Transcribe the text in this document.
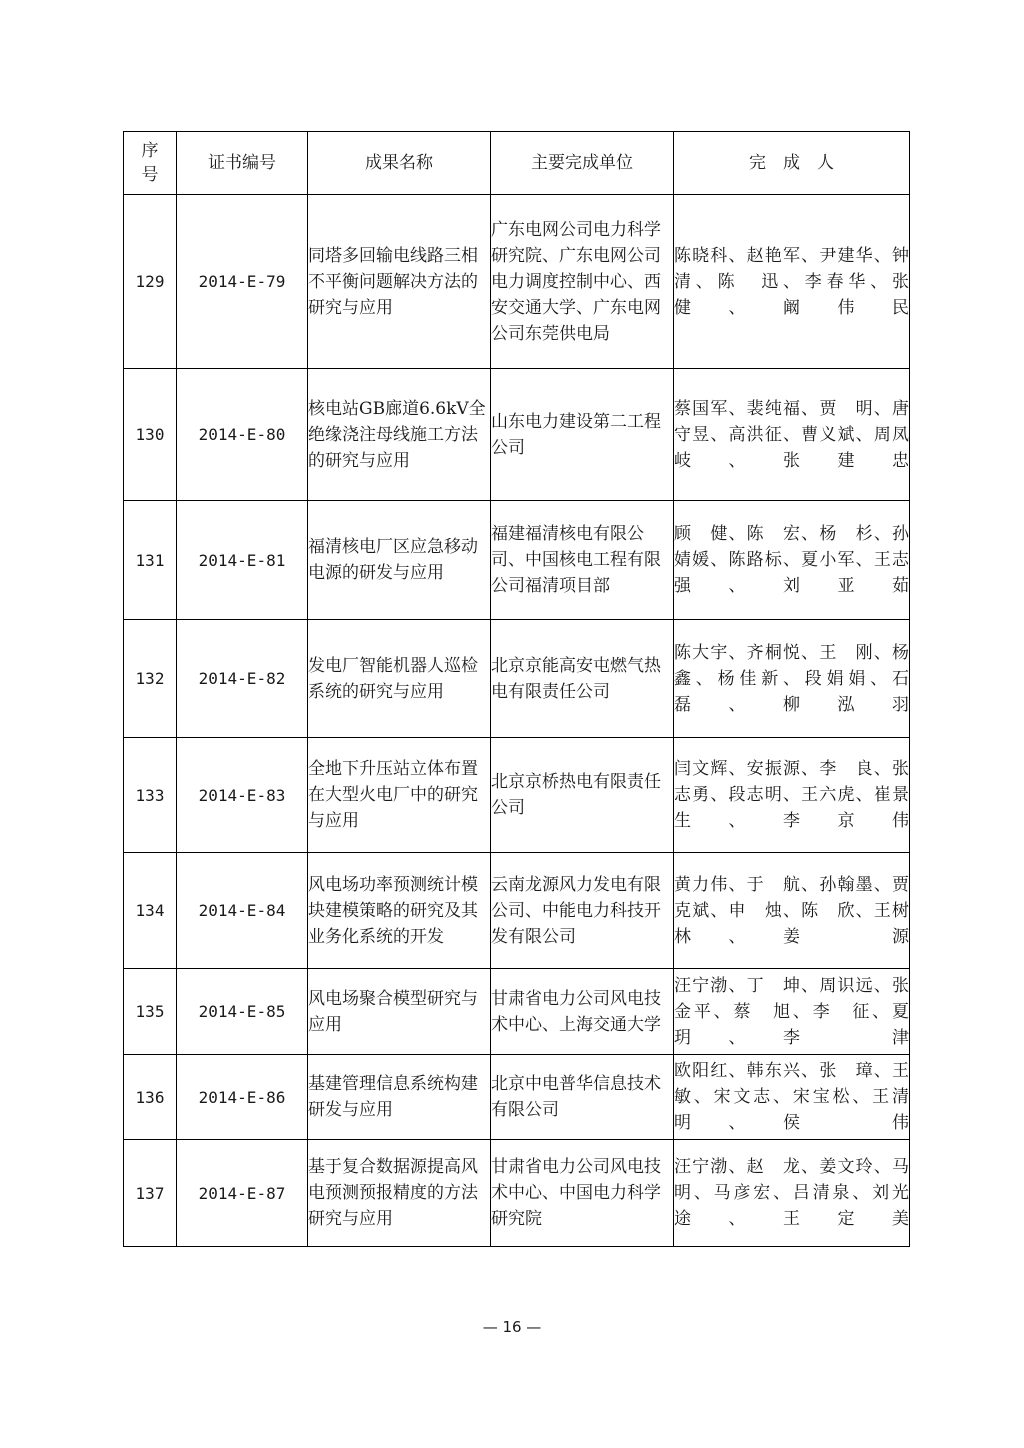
序号	证书编号	成果名称	主要完成单位	完　成　人
129	2014-E-79	同塔多回输电线路三相不平衡问题解决方法的研究与应用	广东电网公司电力科学研究院、广东电网公司电力调度控制中心、西安交通大学、广东电网公司东莞供电局	陈晓科、赵艳军、尹建华、钟　清、陈　迅、李春华、张　健、阚伟民
130	2014-E-80	核电站GB廊道6.6kV全绝缘浇注母线施工方法的研究与应用	山东电力建设第二工程公司	蔡国军、裴纯福、贾　明、唐守昱、高洪征、曹义斌、周凤岐、张建忠
131	2014-E-81	福清核电厂区应急移动电源的研发与应用	福建福清核电有限公司、中国核电工程有限公司福清项目部	顾　健、陈　宏、杨　杉、孙婧媛、陈路标、夏小军、王志强、刘亚茹
132	2014-E-82	发电厂智能机器人巡检系统的研究与应用	北京京能高安屯燃气热电有限责任公司	陈大宇、齐桐悦、王　刚、杨　鑫、杨佳新、段娟娟、石　磊、柳泓羽
133	2014-E-83	全地下升压站立体布置在大型火电厂中的研究与应用	北京京桥热电有限责任公司	闫文辉、安振源、李　良、张志勇、段志明、王六虎、崔景生、李京伟
134	2014-E-84	风电场功率预测统计模块建模策略的研究及其业务化系统的开发	云南龙源风力发电有限公司、中能电力科技开发有限公司	黄力伟、于　航、孙翰墨、贾克斌、申　烛、陈　欣、王树林、姜　源
135	2014-E-85	风电场聚合模型研究与应用	甘肃省电力公司风电技术中心、上海交通大学	汪宁渤、丁　坤、周识远、张金平、蔡　旭、李　征、夏　玥、李　津
136	2014-E-86	基建管理信息系统构建研发与应用	北京中电普华信息技术有限公司	欧阳红、韩东兴、张　璋、王　敏、宋文志、宋宝松、王清明、侯　伟
137	2014-E-87	基于复合数据源提高风电预测预报精度的方法研究与应用	甘肃省电力公司风电技术中心、中国电力科学研究院	汪宁渤、赵　龙、姜文玲、马　明、马彦宏、吕清泉、刘光途、王定美
— 16 —
